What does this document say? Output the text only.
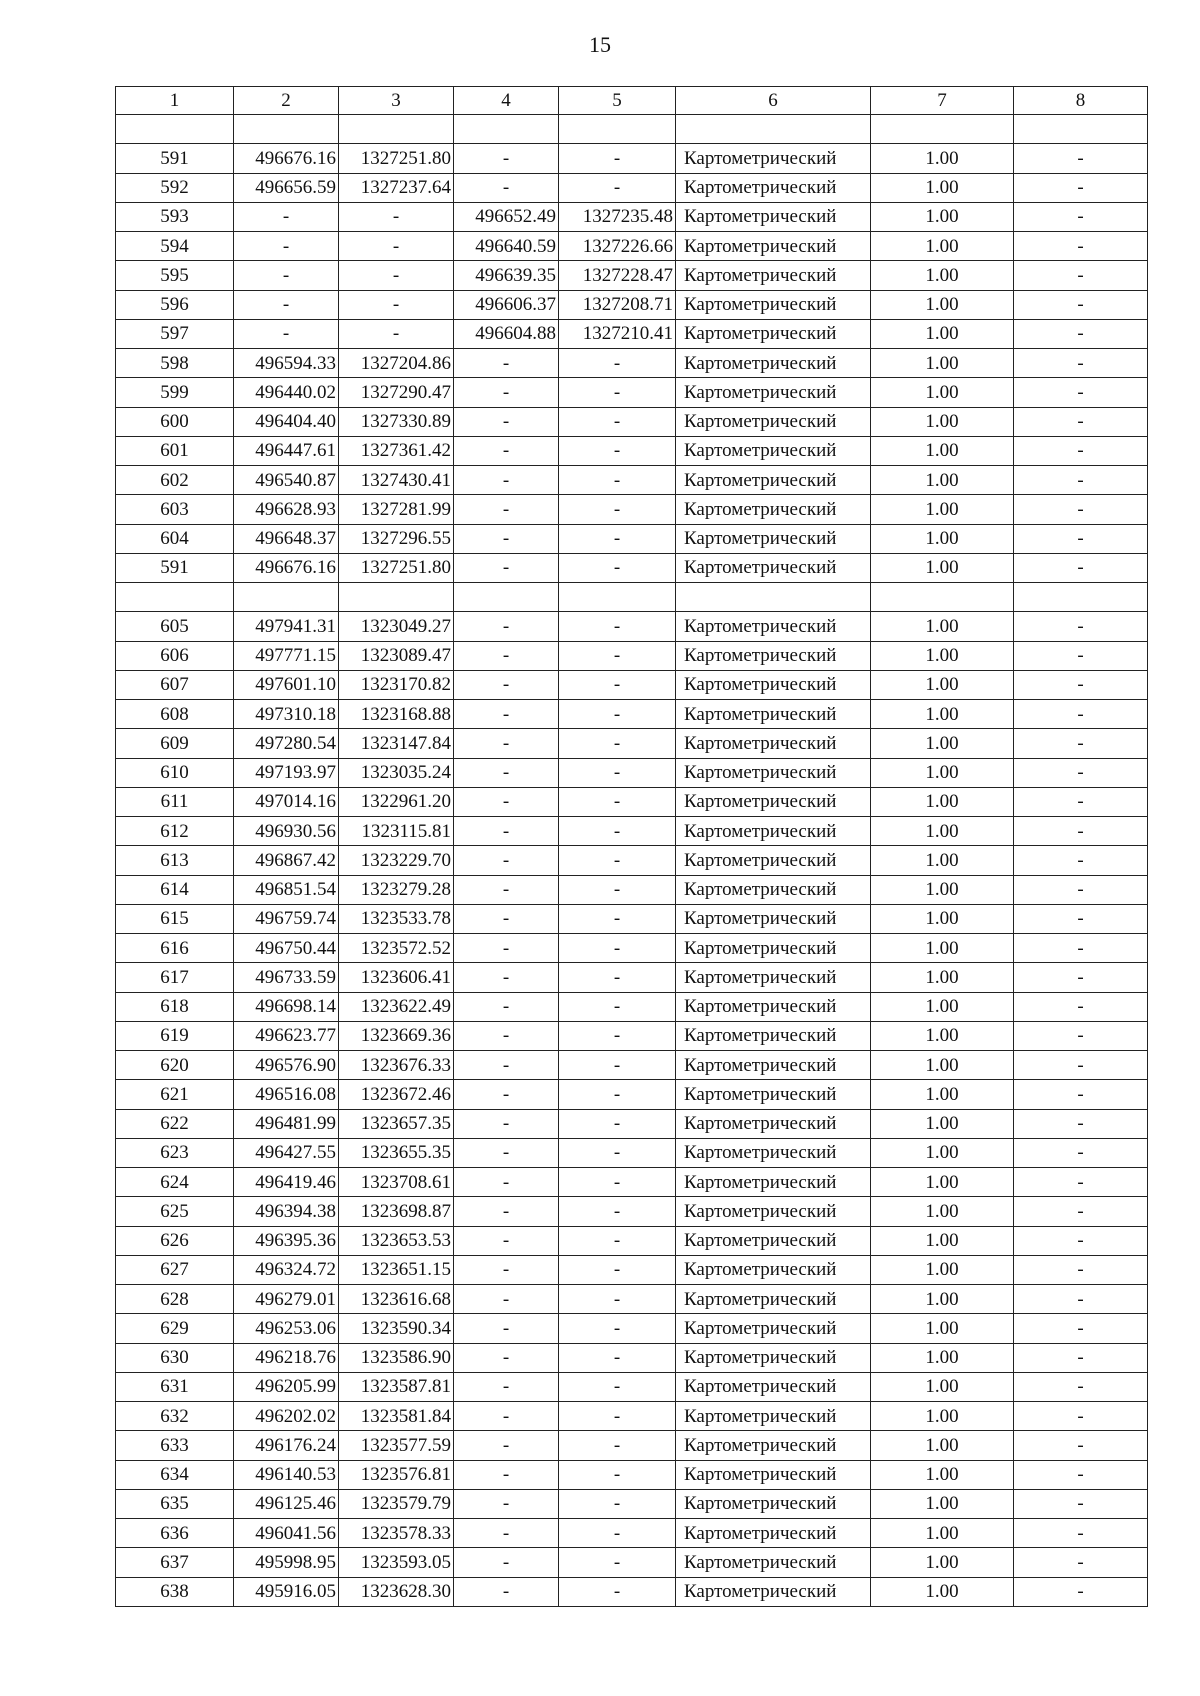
15
1	2	3	4	5	6	7	8

591	496676.16	1327251.80	-	-	Картометрический	1.00	-
592	496656.59	1327237.64	-	-	Картометрический	1.00	-
593	-	-	496652.49	1327235.48	Картометрический	1.00	-
594	-	-	496640.59	1327226.66	Картометрический	1.00	-
595	-	-	496639.35	1327228.47	Картометрический	1.00	-
596	-	-	496606.37	1327208.71	Картометрический	1.00	-
597	-	-	496604.88	1327210.41	Картометрический	1.00	-
598	496594.33	1327204.86	-	-	Картометрический	1.00	-
599	496440.02	1327290.47	-	-	Картометрический	1.00	-
600	496404.40	1327330.89	-	-	Картометрический	1.00	-
601	496447.61	1327361.42	-	-	Картометрический	1.00	-
602	496540.87	1327430.41	-	-	Картометрический	1.00	-
603	496628.93	1327281.99	-	-	Картометрический	1.00	-
604	496648.37	1327296.55	-	-	Картометрический	1.00	-
591	496676.16	1327251.80	-	-	Картометрический	1.00	-

605	497941.31	1323049.27	-	-	Картометрический	1.00	-
606	497771.15	1323089.47	-	-	Картометрический	1.00	-
607	497601.10	1323170.82	-	-	Картометрический	1.00	-
608	497310.18	1323168.88	-	-	Картометрический	1.00	-
609	497280.54	1323147.84	-	-	Картометрический	1.00	-
610	497193.97	1323035.24	-	-	Картометрический	1.00	-
611	497014.16	1322961.20	-	-	Картометрический	1.00	-
612	496930.56	1323115.81	-	-	Картометрический	1.00	-
613	496867.42	1323229.70	-	-	Картометрический	1.00	-
614	496851.54	1323279.28	-	-	Картометрический	1.00	-
615	496759.74	1323533.78	-	-	Картометрический	1.00	-
616	496750.44	1323572.52	-	-	Картометрический	1.00	-
617	496733.59	1323606.41	-	-	Картометрический	1.00	-
618	496698.14	1323622.49	-	-	Картометрический	1.00	-
619	496623.77	1323669.36	-	-	Картометрический	1.00	-
620	496576.90	1323676.33	-	-	Картометрический	1.00	-
621	496516.08	1323672.46	-	-	Картометрический	1.00	-
622	496481.99	1323657.35	-	-	Картометрический	1.00	-
623	496427.55	1323655.35	-	-	Картометрический	1.00	-
624	496419.46	1323708.61	-	-	Картометрический	1.00	-
625	496394.38	1323698.87	-	-	Картометрический	1.00	-
626	496395.36	1323653.53	-	-	Картометрический	1.00	-
627	496324.72	1323651.15	-	-	Картометрический	1.00	-
628	496279.01	1323616.68	-	-	Картометрический	1.00	-
629	496253.06	1323590.34	-	-	Картометрический	1.00	-
630	496218.76	1323586.90	-	-	Картометрический	1.00	-
631	496205.99	1323587.81	-	-	Картометрический	1.00	-
632	496202.02	1323581.84	-	-	Картометрический	1.00	-
633	496176.24	1323577.59	-	-	Картометрический	1.00	-
634	496140.53	1323576.81	-	-	Картометрический	1.00	-
635	496125.46	1323579.79	-	-	Картометрический	1.00	-
636	496041.56	1323578.33	-	-	Картометрический	1.00	-
637	495998.95	1323593.05	-	-	Картометрический	1.00	-
638	495916.05	1323628.30	-	-	Картометрический	1.00	-
